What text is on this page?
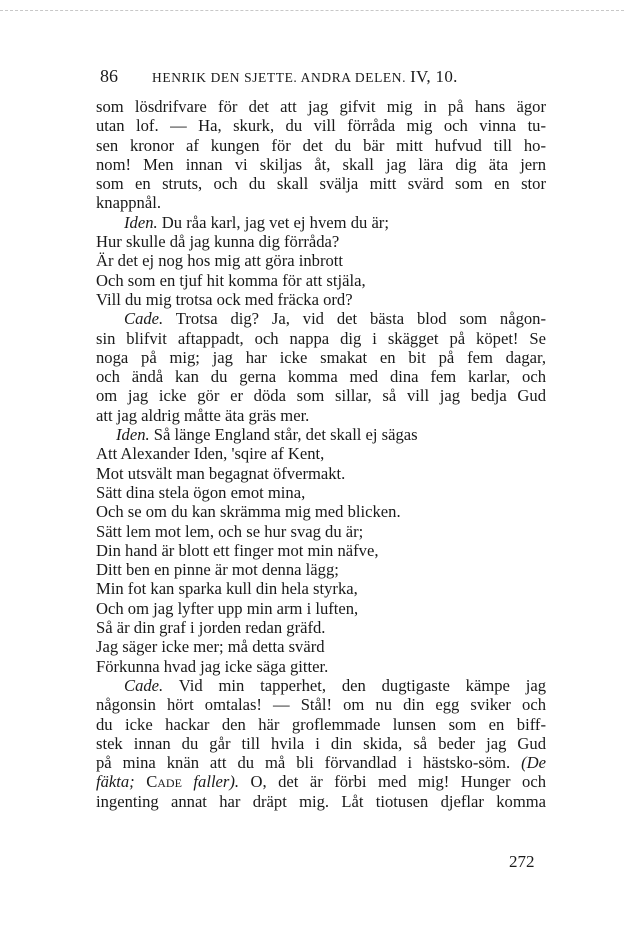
86	HENRIK DEN SJETTE. ANDRA DELEN. IV, 10.
som lösdrifvare för det att jag gifvit mig in på hans ägor
utan lof. — Ha, skurk, du vill förråda mig och vinna tu-
sen kronor af kungen för det du bär mitt hufvud till ho-
nom! Men innan vi skiljas åt, skall jag lära dig äta jern
som en struts, och du skall svälja mitt svärd som en stor
knappnål.
Iden. Du råa karl, jag vet ej hvem du är;
Hur skulle då jag kunna dig förråda?
Är det ej nog hos mig att göra inbrott
Och som en tjuf hit komma för att stjäla,
Vill du mig trotsa ock med fräcka ord?
Cade. Trotsa dig? Ja, vid det bästa blod som någon-
sin blifvit aftappadt, och nappa dig i skägget på köpet! Se
noga på mig; jag har icke smakat en bit på fem dagar,
och ändå kan du gerna komma med dina fem karlar, och
om jag icke gör er döda som sillar, så vill jag bedja Gud
att jag aldrig måtte äta gräs mer.
Iden. Så länge England står, det skall ej sägas
Att Alexander Iden, 'sqire af Kent,
Mot utsvält man begagnat öfvermakt.
Sätt dina stela ögon emot mina,
Och se om du kan skrämma mig med blicken.
Sätt lem mot lem, och se hur svag du är;
Din hand är blott ett finger mot min näfve,
Ditt ben en pinne är mot denna lägg;
Min fot kan sparka kull din hela styrka,
Och om jag lyfter upp min arm i luften,
Så är din graf i jorden redan gräfd.
Jag säger icke mer; må detta svärd
Förkunna hvad jag icke säga gitter.
Cade. Vid min tapperhet, den dugtigaste kämpe jag
någonsin hört omtalas! — Stål! om nu din egg sviker och
du icke hackar den här groflemmade lunsen som en biff-
stek innan du går till hvila i din skida, så beder jag Gud
på mina knän att du må bli förvandlad i hästsko-söm. (De
fäkta; Cade faller). O, det är förbi med mig! Hunger och
ingenting annat har dräpt mig. Låt tiotusen djeflar komma
272
